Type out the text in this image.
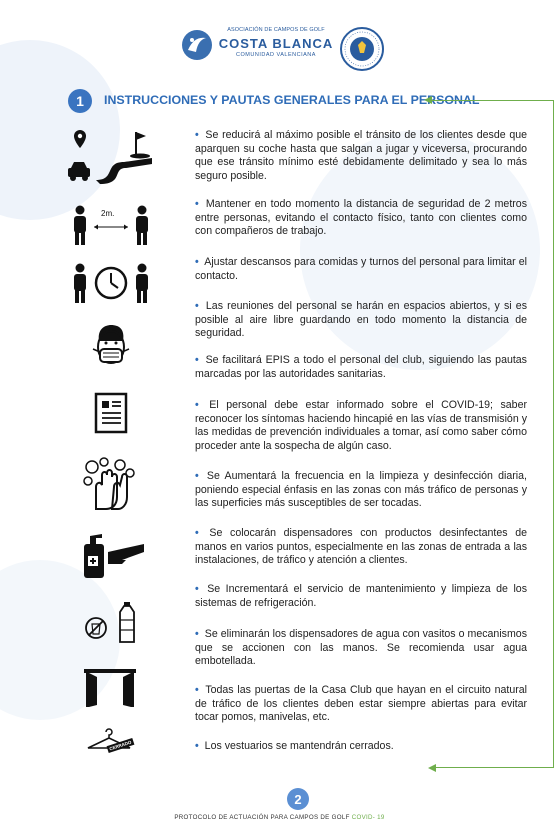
ASOCIACIÓN DE CAMPOS DE GOLF
COSTA BLANCA
COMUNIDAD VALENCIANA
1	INSTRUCCIONES Y PAUTAS GENERALES PARA EL PERSONAL
2m.
CERRADO
• Se reducirá al máximo posible el tránsito de los clientes desde que aparquen su coche hasta que salgan a jugar y viceversa, procurando que ese tránsito mínimo esté debidamente delimitado y sea lo más seguro posible.
• Mantener en todo momento la distancia de seguridad de 2 metros entre personas, evitando el contacto físico, tanto con clientes como con compañeros de trabajo.
• Ajustar descansos para comidas y turnos del personal para limitar el contacto.
• Las reuniones del personal se harán en espacios abiertos, y si es posible al aire libre guardando en todo momento la distancia de seguridad.
• Se facilitará EPIS a todo el personal del club, siguiendo las pautas marcadas por las autoridades sanitarias.
• El personal debe estar informado sobre el COVID-19; saber reconocer los síntomas haciendo hincapié en las vías de transmisión y las medidas de prevención individuales a tomar, así como saber cómo proceder ante la sospecha de algún caso.
• Se Aumentará la frecuencia en la limpieza y desinfección diaria, poniendo especial énfasis en las zonas con más tráfico de personas y las superficies más susceptibles de ser tocadas.
• Se colocarán dispensadores con productos desinfectantes de manos en varios puntos, especialmente en las zonas de entrada a las instalaciones, de tráfico y atención a clientes.
• Se Incrementará el servicio de mantenimiento y limpieza de los sistemas de refrigeración.
• Se eliminarán los dispensadores de agua con vasitos o mecanismos que se accionen con las manos. Se recomienda usar agua embotellada.
• Todas las puertas de la Casa Club que hayan en el circuito natural de tráfico de los clientes deben estar siempre abiertas para evitar tocar pomos, manivelas, etc.
• Los vestuarios se mantendrán cerrados.
2
PROTOCOLO DE ACTUACIÓN PARA CAMPOS DE GOLF COVID- 19
